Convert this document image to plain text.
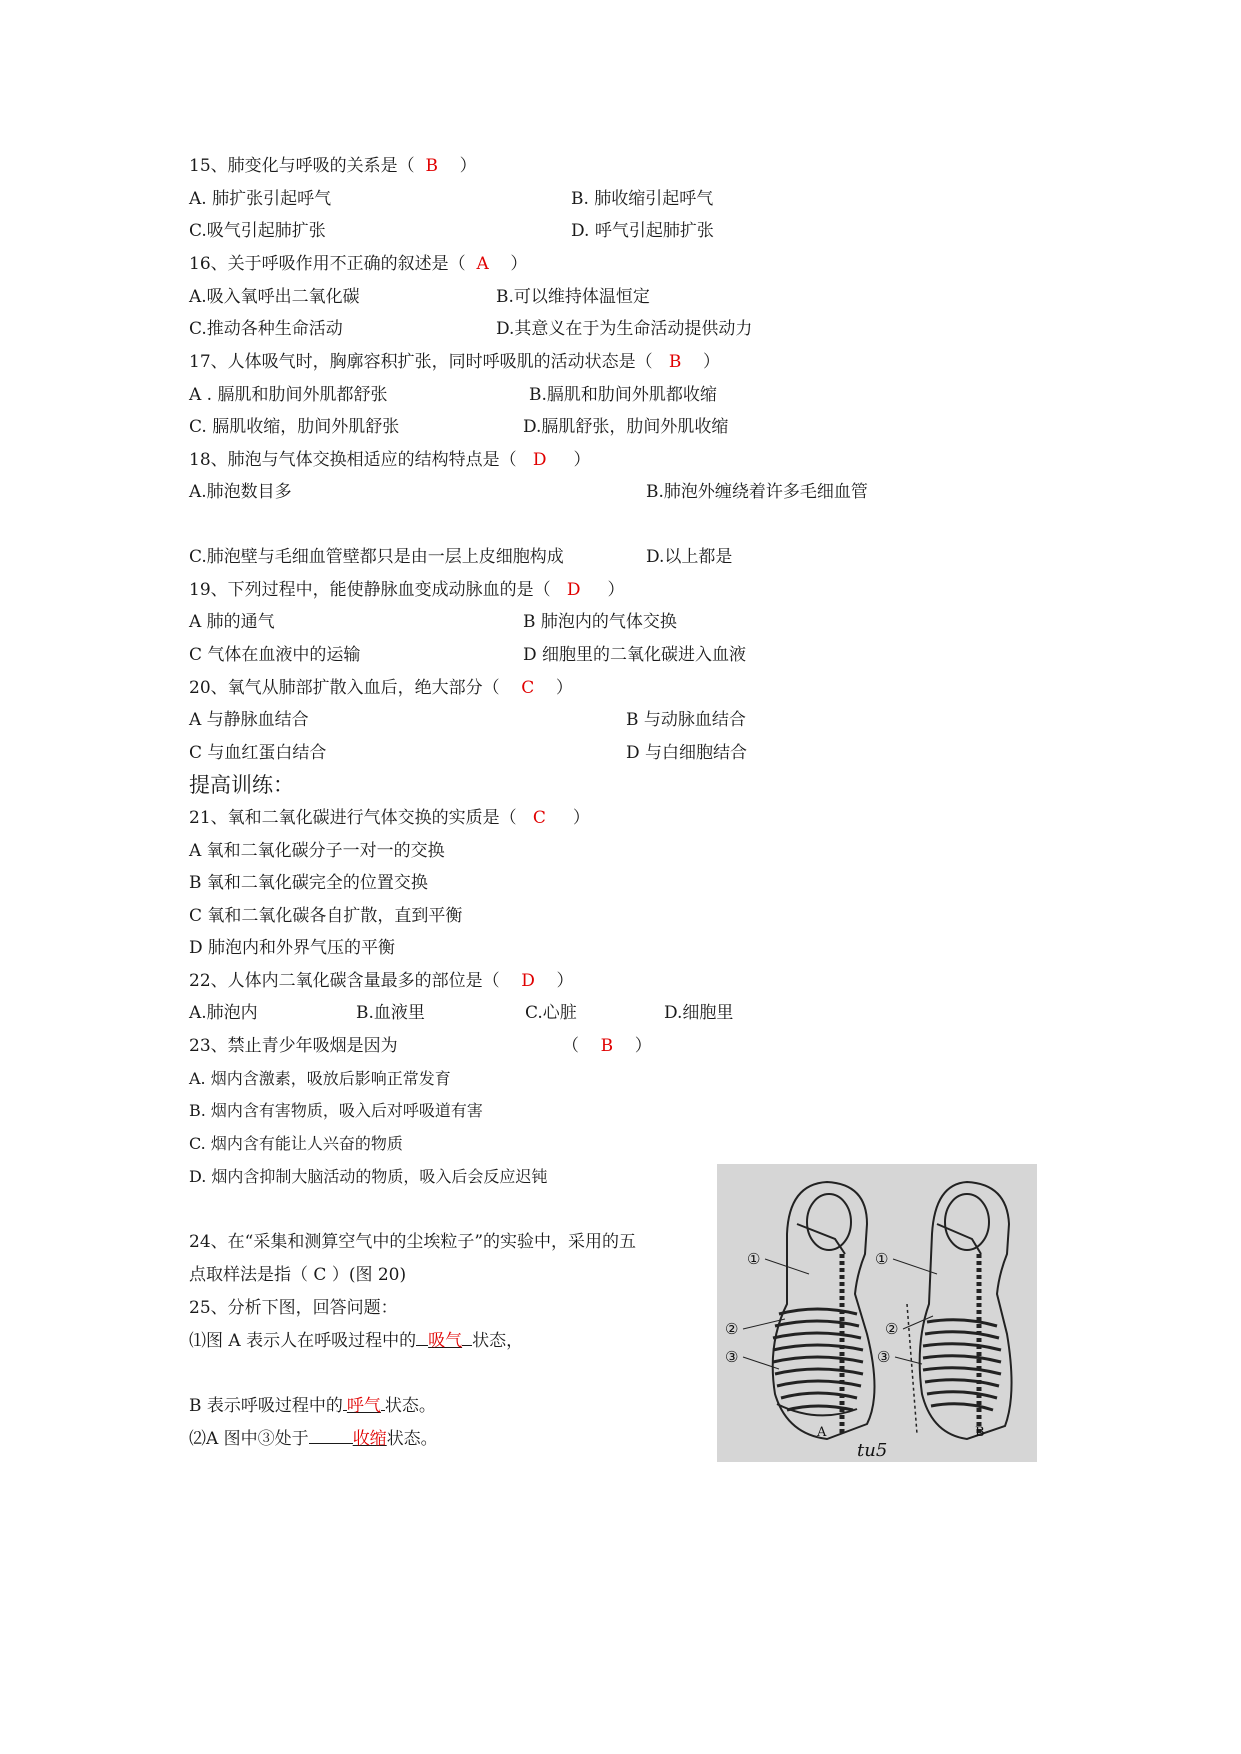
15、肺变化与呼吸的关系是（ B ）
A. 肺扩张引起呼气	B. 肺收缩引起呼气
C.吸气引起肺扩张	D. 呼气引起肺扩张
16、关于呼吸作用不正确的叙述是（ A ）
A.吸入氧呼出二氧化碳	B.可以维持体温恒定
C.推动各种生命活动	D.其意义在于为生命活动提供动力
17、人体吸气时，胸廓容积扩张，同时呼吸肌的活动状态是（ B ）
A . 膈肌和肋间外肌都舒张	B.膈肌和肋间外肌都收缩
C. 膈肌收缩，肋间外肌舒张	D.膈肌舒张，肋间外肌收缩
18、肺泡与气体交换相适应的结构特点是（ D ）
A.肺泡数目多	B.肺泡外缠绕着许多毛细血管
C.肺泡壁与毛细血管壁都只是由一层上皮细胞构成	D.以上都是
19、下列过程中，能使静脉血变成动脉血的是（ D ）
A 肺的通气	B 肺泡内的气体交换
C 气体在血液中的运输	D 细胞里的二氧化碳进入血液
20、氧气从肺部扩散入血后，绝大部分（ C ）
A 与静脉血结合	B 与动脉血结合
C 与血红蛋白结合	D 与白细胞结合
提高训练：
21、氧和二氧化碳进行气体交换的实质是（ C ）
A 氧和二氧化碳分子一对一的交换
B 氧和二氧化碳完全的位置交换
C 氧和二氧化碳各自扩散，直到平衡
D 肺泡内和外界气压的平衡
22、人体内二氧化碳含量最多的部位是（ D ）
A.肺泡内	B.血液里	C.心脏	D.细胞里
23、禁止青少年吸烟是因为	（ B ）
A. 烟内含激素，吸放后影响正常发育
B. 烟内含有害物质，吸入后对呼吸道有害
C. 烟内含有能让人兴奋的物质
D. 烟内含抑制大脑活动的物质，吸入后会反应迟钝
24、在“采集和测算空气中的尘埃粒子”的实验中，采用的五
点取样法是指（ C ）(图 20)
25、分析下图，回答问题：
⑴图 A 表示人在呼吸过程中的 吸气 状态，
B 表示呼吸过程中的 呼气 状态。
⑵A 图中③处于	收缩状态。
①
②
③
①
②
③
A	B
tu5
